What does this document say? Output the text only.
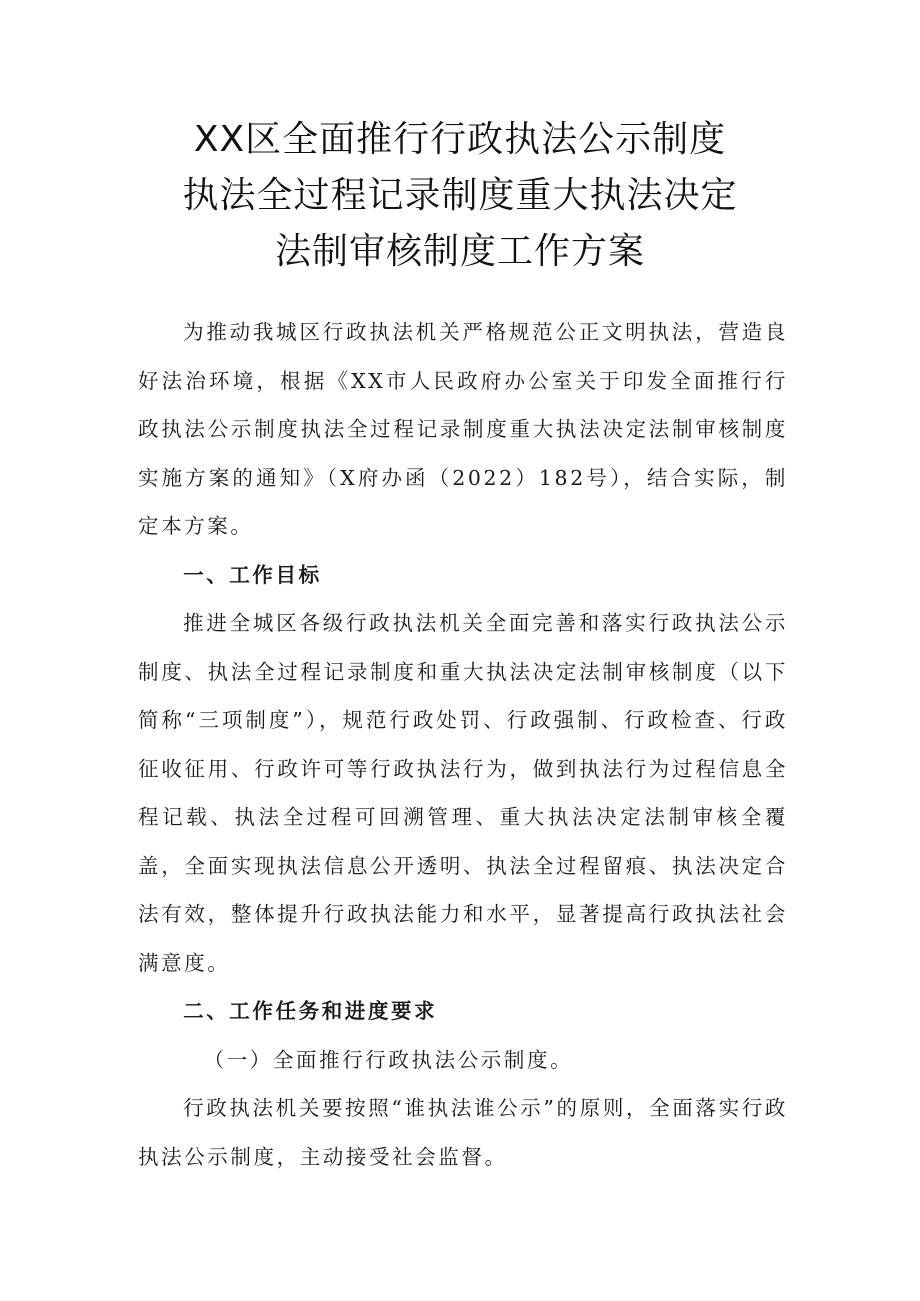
XX区全面推行行政执法公示制度
执法全过程记录制度重大执法决定
法制审核制度工作方案

为推动我城区行政执法机关严格规范公正文明执法，营造良好法治环境，根据《XX市人民政府办公室关于印发全面推行行政执法公示制度执法全过程记录制度重大执法决定法制审核制度实施方案的通知》（X府办函（2022）182号），结合实际，制定本方案。

一、工作目标

推进全城区各级行政执法机关全面完善和落实行政执法公示制度、执法全过程记录制度和重大执法决定法制审核制度（以下简称“三项制度”），规范行政处罚、行政强制、行政检查、行政征收征用、行政许可等行政执法行为，做到执法行为过程信息全程记载、执法全过程可回溯管理、重大执法决定法制审核全覆盖，全面实现执法信息公开透明、执法全过程留痕、执法决定合法有效，整体提升行政执法能力和水平，显著提高行政执法社会满意度。

二、工作任务和进度要求

（一）全面推行行政执法公示制度。

行政执法机关要按照“谁执法谁公示”的原则，全面落实行政执法公示制度，主动接受社会监督。
